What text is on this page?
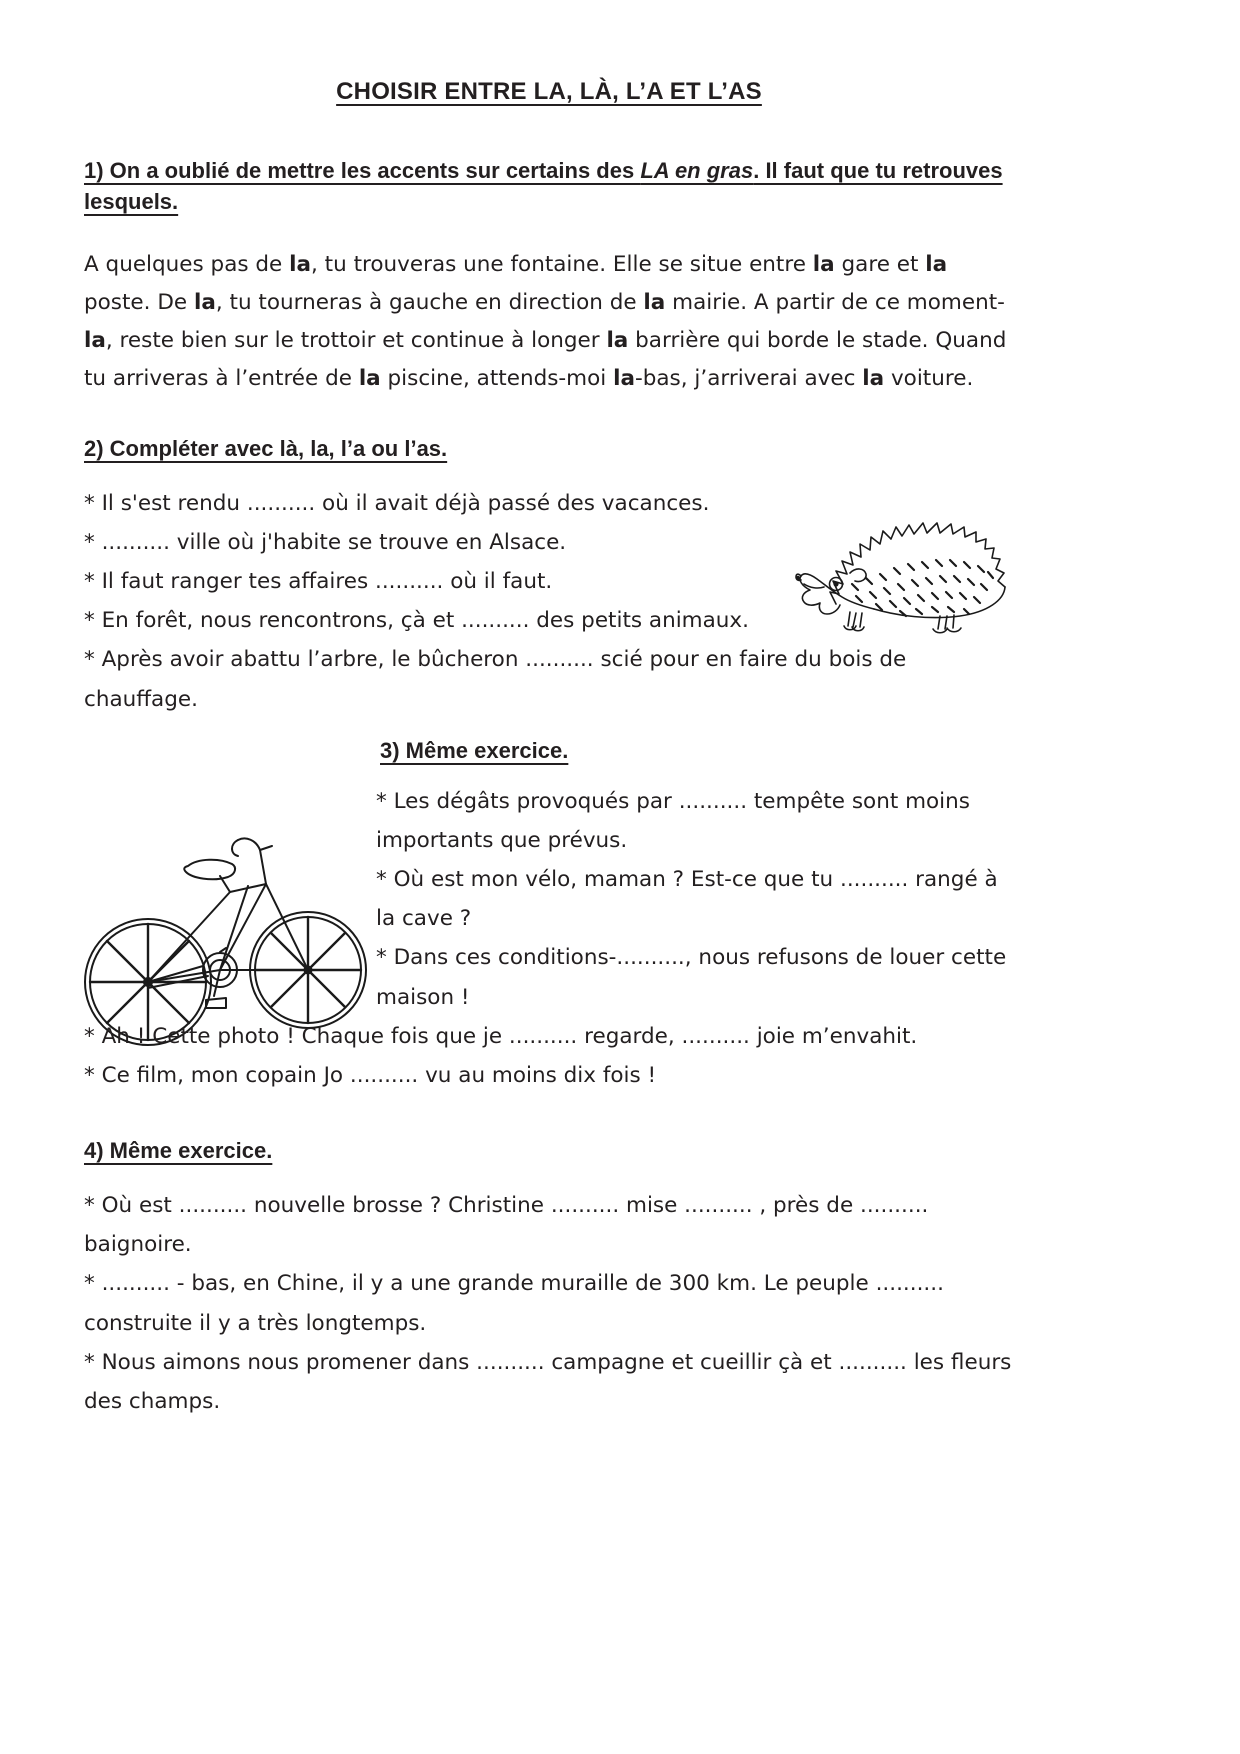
CHOISIR ENTRE LA, LÀ, L’A ET L’AS
1) On a oublié de mettre les accents sur certains des LA en gras. Il faut que tu retrouves lesquels.

A quelques pas de la, tu trouveras une fontaine. Elle se situe entre la gare et la poste. De la, tu tourneras à gauche en direction de la mairie. A partir de ce moment-la, reste bien sur le trottoir et continue à longer la barrière qui borde le stade. Quand tu arriveras à l’entrée de la piscine, attends-moi la-bas, j’arriverai avec la voiture.

2) Compléter avec là, la, l’a ou l’as.

* Il s'est rendu .......... où il avait déjà passé des vacances.

* .......... ville où j'habite se trouve en Alsace.

* Il faut ranger tes affaires .......... où il faut.

* En forêt, nous rencontrons, çà et .......... des petits animaux.

* Après avoir abattu l’arbre, le bûcheron .......... scié pour en faire du bois de chauffage.

3) Même exercice.

* Les dégâts provoqués par .......... tempête sont moins importants que prévus.

* Où est mon vélo, maman ? Est-ce que tu .......... rangé à la cave ?

* Dans ces conditions-.........., nous refusons de louer cette maison !

* Ah ! Cette photo ! Chaque fois que je .......... regarde, .......... joie m’envahit.

* Ce film, mon copain Jo .......... vu au moins dix fois !

4) Même exercice.

* Où est .......... nouvelle brosse ? Christine .......... mise .......... , près de .......... baignoire.

* .......... - bas, en Chine, il y a une grande muraille de 300 km. Le peuple .......... construite il y a très longtemps.

* Nous aimons nous promener dans .......... campagne et cueillir çà et .......... les fleurs des champs.
